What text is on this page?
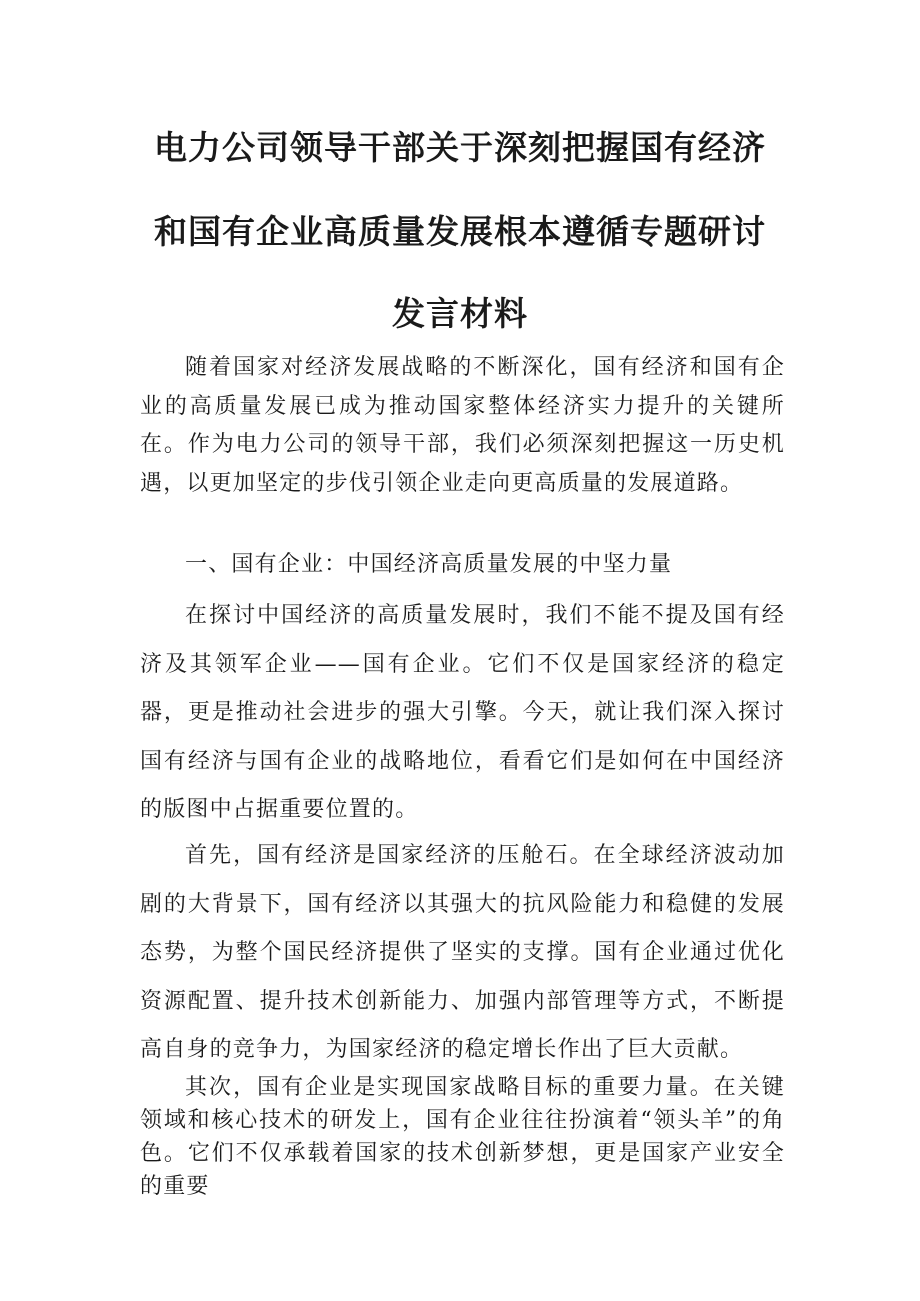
电力公司领导干部关于深刻把握国有经济
和国有企业高质量发展根本遵循专题研讨
发言材料

随着国家对经济发展战略的不断深化，国有经济和国有企业的高质量发展已成为推动国家整体经济实力提升的关键所在。作为电力公司的领导干部，我们必须深刻把握这一历史机遇，以更加坚定的步伐引领企业走向更高质量的发展道路。

一、国有企业：中国经济高质量发展的中坚力量

在探讨中国经济的高质量发展时，我们不能不提及国有经济及其领军企业——国有企业。它们不仅是国家经济的稳定器，更是推动社会进步的强大引擎。今天，就让我们深入探讨国有经济与国有企业的战略地位，看看它们是如何在中国经济的版图中占据重要位置的。

首先，国有经济是国家经济的压舱石。在全球经济波动加剧的大背景下，国有经济以其强大的抗风险能力和稳健的发展态势，为整个国民经济提供了坚实的支撑。国有企业通过优化资源配置、提升技术创新能力、加强内部管理等方式，不断提高自身的竞争力，为国家经济的稳定增长作出了巨大贡献。

其次，国有企业是实现国家战略目标的重要力量。在关键领域和核心技术的研发上，国有企业往往扮演着“领头羊”的角色。它们不仅承载着国家的技术创新梦想，更是国家产业安全的重要
